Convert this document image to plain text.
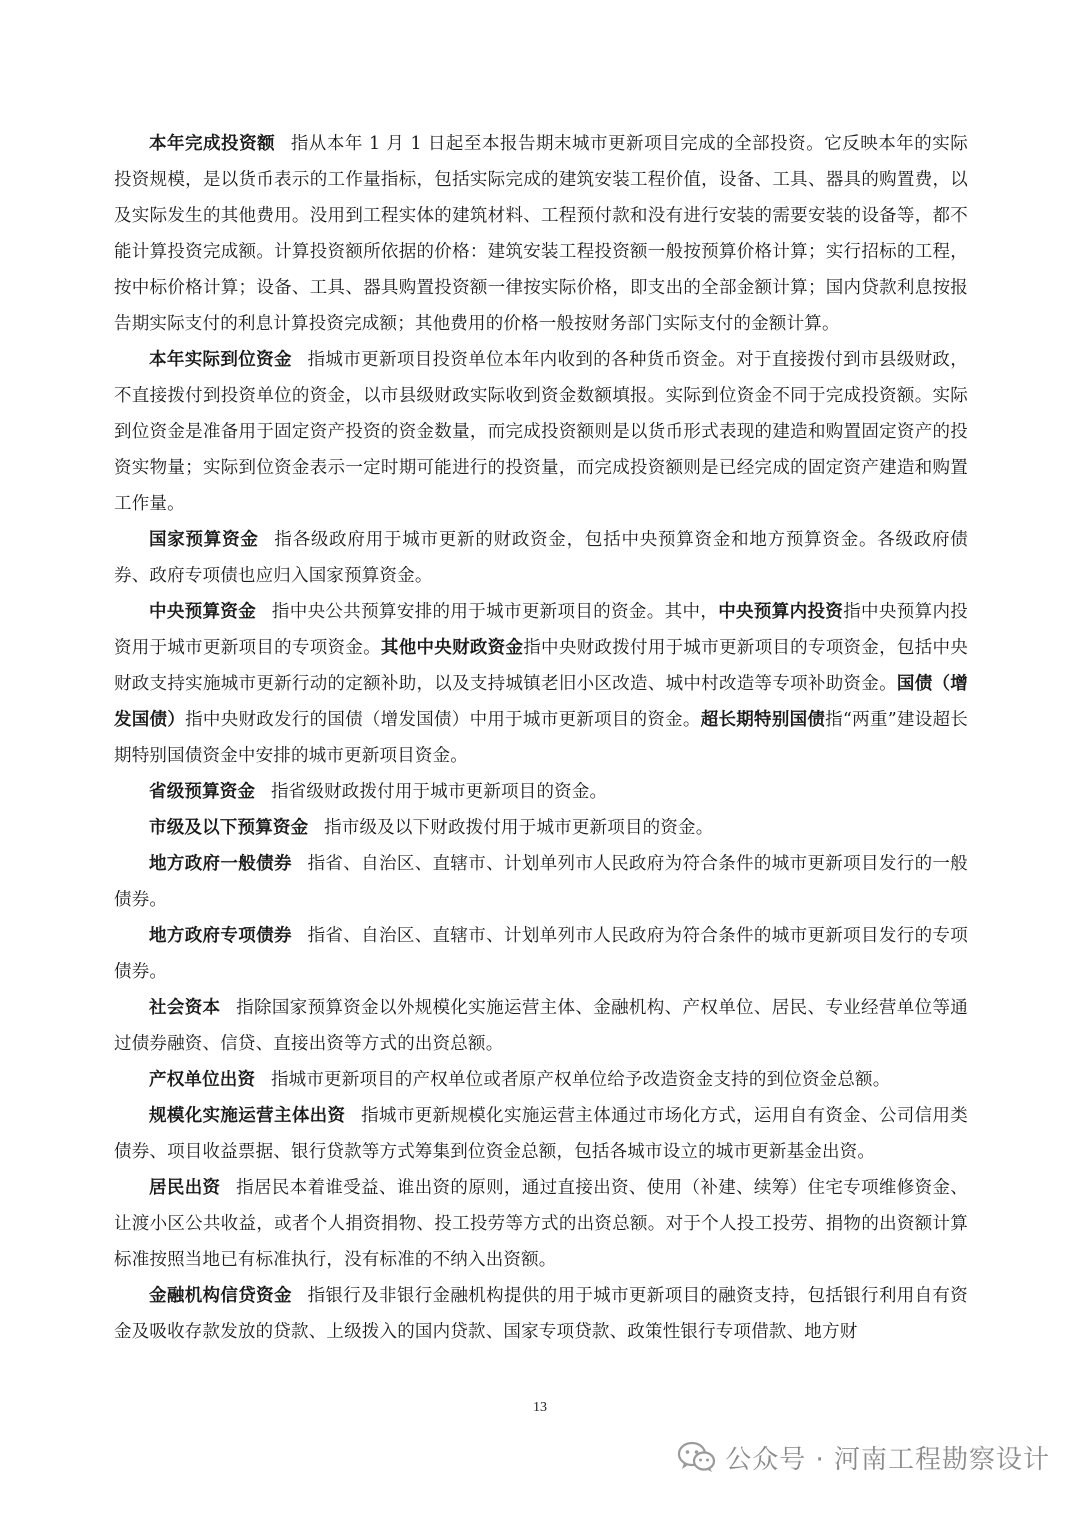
本年完成投资额 指从本年 1 月 1 日起至本报告期末城市更新项目完成的全部投资。它反映本年的实际投资规模，是以货币表示的工作量指标，包括实际完成的建筑安装工程价值，设备、工具、器具的购置费，以及实际发生的其他费用。没用到工程实体的建筑材料、工程预付款和没有进行安装的需要安装的设备等，都不能计算投资完成额。计算投资额所依据的价格：建筑安装工程投资额一般按预算价格计算；实行招标的工程，按中标价格计算；设备、工具、器具购置投资额一律按实际价格，即支出的全部金额计算；国内贷款利息按报告期实际支付的利息计算投资完成额；其他费用的价格一般按财务部门实际支付的金额计算。

本年实际到位资金 指城市更新项目投资单位本年内收到的各种货币资金。对于直接拨付到市县级财政，不直接拨付到投资单位的资金，以市县级财政实际收到资金数额填报。实际到位资金不同于完成投资额。实际到位资金是准备用于固定资产投资的资金数量，而完成投资额则是以货币形式表现的建造和购置固定资产的投资实物量；实际到位资金表示一定时期可能进行的投资量，而完成投资额则是已经完成的固定资产建造和购置工作量。

国家预算资金 指各级政府用于城市更新的财政资金，包括中央预算资金和地方预算资金。各级政府债券、政府专项债也应归入国家预算资金。

中央预算资金 指中央公共预算安排的用于城市更新项目的资金。其中，中央预算内投资指中央预算内投资用于城市更新项目的专项资金。其他中央财政资金指中央财政拨付用于城市更新项目的专项资金，包括中央财政支持实施城市更新行动的定额补助，以及支持城镇老旧小区改造、城中村改造等专项补助资金。国债（增发国债）指中央财政发行的国债（增发国债）中用于城市更新项目的资金。超长期特别国债指“两重”建设超长期特别国债资金中安排的城市更新项目资金。

省级预算资金 指省级财政拨付用于城市更新项目的资金。

市级及以下预算资金 指市级及以下财政拨付用于城市更新项目的资金。

地方政府一般债券 指省、自治区、直辖市、计划单列市人民政府为符合条件的城市更新项目发行的一般债券。

地方政府专项债券 指省、自治区、直辖市、计划单列市人民政府为符合条件的城市更新项目发行的专项债券。

社会资本 指除国家预算资金以外规模化实施运营主体、金融机构、产权单位、居民、专业经营单位等通过债券融资、信贷、直接出资等方式的出资总额。

产权单位出资 指城市更新项目的产权单位或者原产权单位给予改造资金支持的到位资金总额。

规模化实施运营主体出资 指城市更新规模化实施运营主体通过市场化方式，运用自有资金、公司信用类债券、项目收益票据、银行贷款等方式筹集到位资金总额，包括各城市设立的城市更新基金出资。

居民出资 指居民本着谁受益、谁出资的原则，通过直接出资、使用（补建、续筹）住宅专项维修资金、让渡小区公共收益，或者个人捐资捐物、投工投劳等方式的出资总额。对于个人投工投劳、捐物的出资额计算标准按照当地已有标准执行，没有标准的不纳入出资额。

金融机构信贷资金 指银行及非银行金融机构提供的用于城市更新项目的融资支持，包括银行利用自有资金及吸收存款发放的贷款、上级拨入的国内贷款、国家专项贷款、政策性银行专项借款、地方财

13
公众号 · 河南工程勘察设计
